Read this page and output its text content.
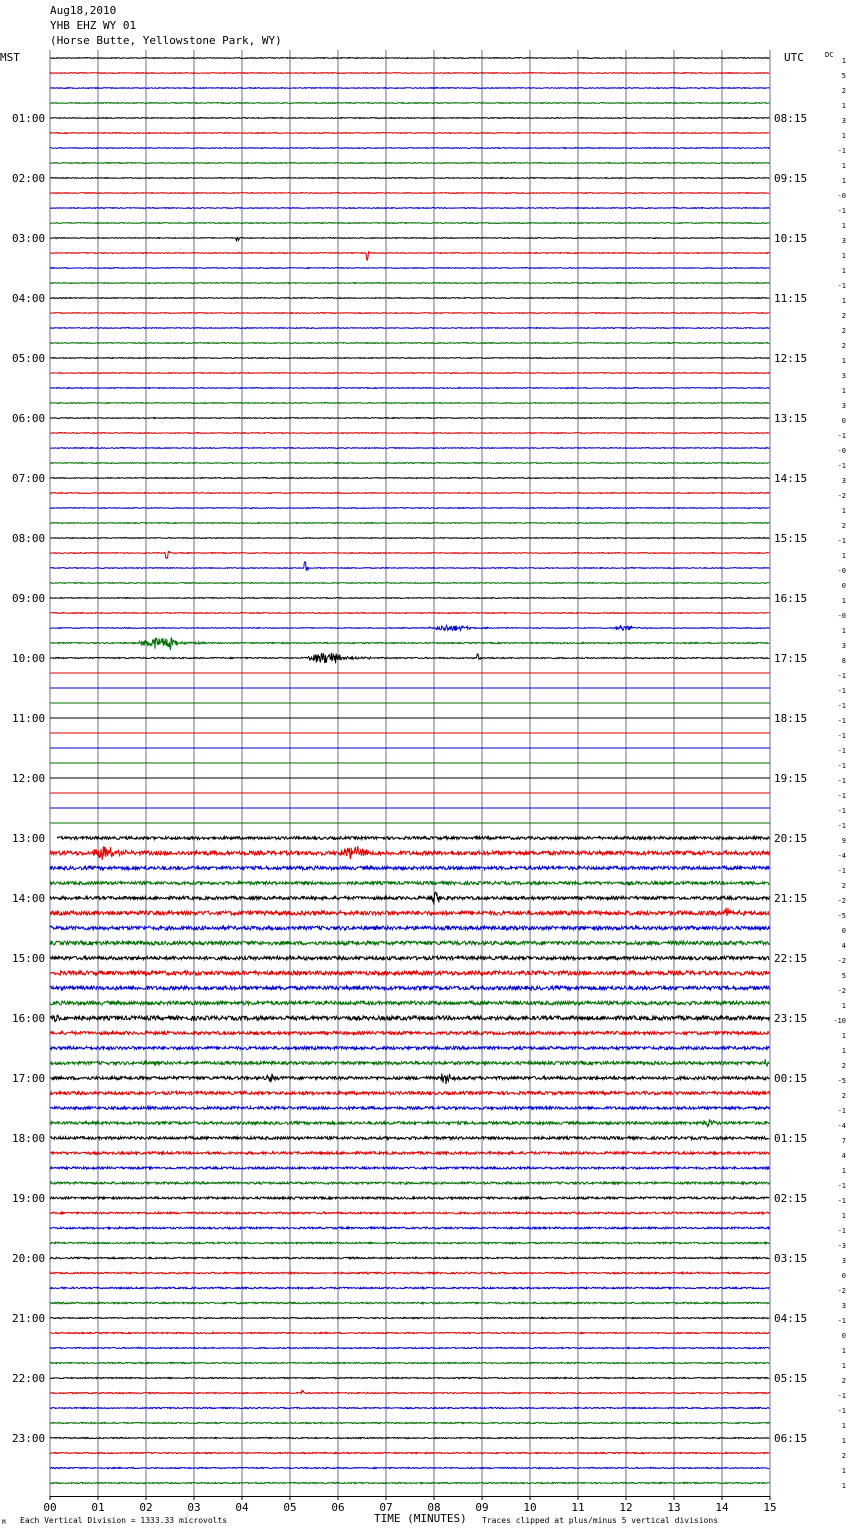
Aug18,2010
YHB EHZ WY 01
(Horse Butte, Yellowstone Park, WY)
00	01	02	03	04	05	06	07	08	09	10	11	12	13	14	15
1
5
2
1
01:00	08:15	3
1
-1
1
02:00	09:15	1
-0
-1
1
03:00	10:15	3
1
1
-1
04:00	11:15	1
2
2
2
05:00	12:15	1
3
1
3
06:00	13:15	0
-1
-0
-1
07:00	14:15	3
-2
1
2
08:00	15:15	-1
1
-0
0
09:00	16:15	1
-0
1
3
10:00	17:15	8
-1
-1
-1
11:00	18:15	-1
-1
-1
-1
12:00	19:15	-1
-1
-1
-1
13:00	20:15	9
-4
-1
2
14:00	21:15	-2
-5
0
4
15:00	22:15	-2
5
-2
1
16:00	23:15	-10
1
1
2
17:00	00:15	-5
2
-1
-4
18:00	01:15	7
4
1
-1
19:00	02:15	-1
1
-1
-3
20:00	03:15	3
0
-2
3
21:00	04:15	-1
0
1
1
22:00	05:15	2
-1
-1
1
23:00	06:15	1
2
1
1
MST	UTC	DC
TIME (MINUTES)
Each Vertical Division = 1333.33 microvolts	Traces clipped at plus/minus 5 vertical divisions
M
